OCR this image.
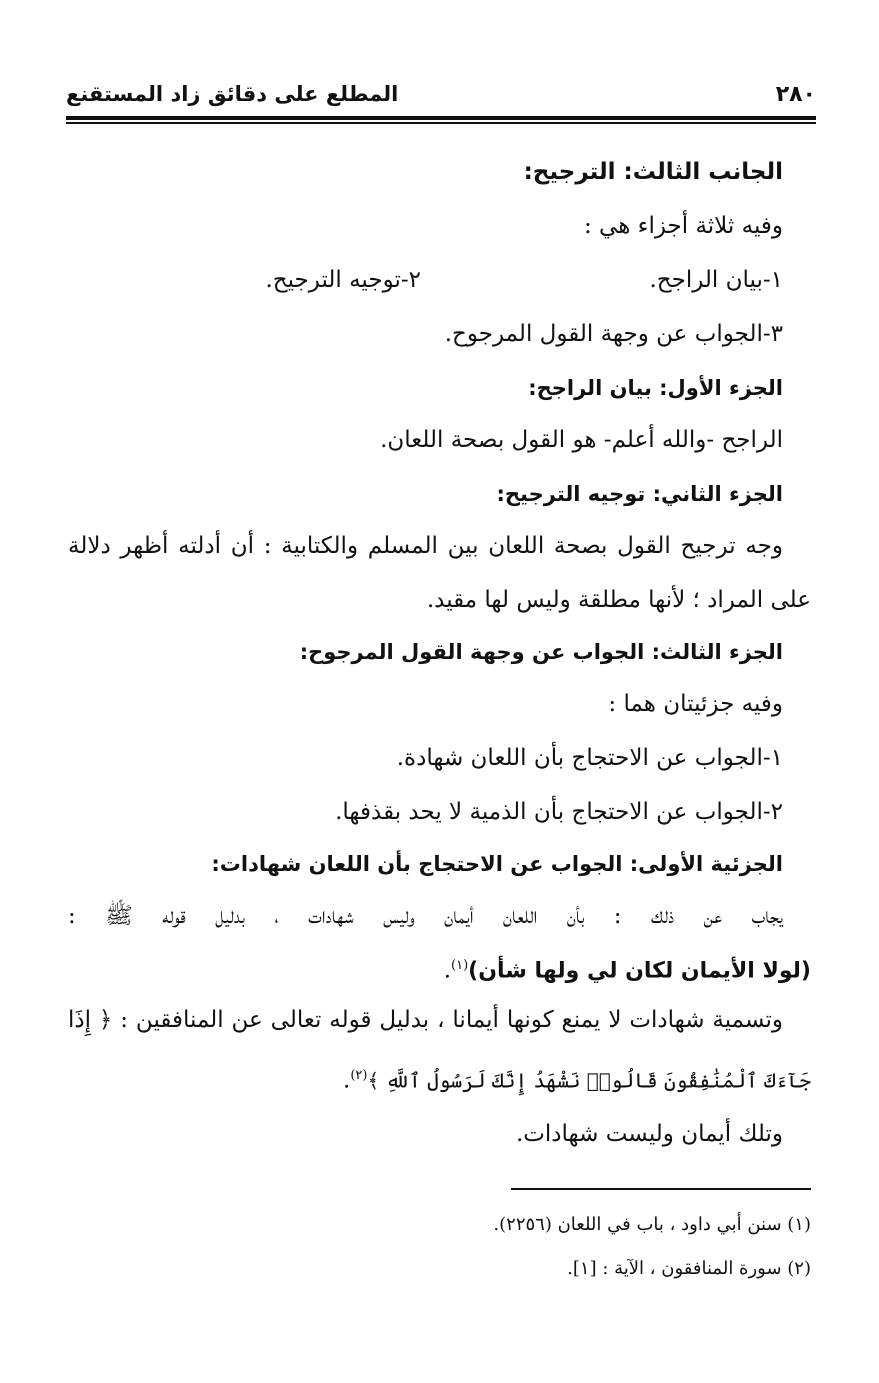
٢٨٠
المطلع على دقائق زاد المستقنع
الجانب الثالث: الترجيح:
وفيه ثلاثة أجزاء هي :
١-بيان الراجح.
٢-توجيه الترجيح.
٣-الجواب عن وجهة القول المرجوح.
الجزء الأول: بيان الراجح:
الراجح -والله أعلم- هو القول بصحة اللعان.
الجزء الثاني: توجيه الترجيح:
وجه ترجيح القول بصحة اللعان بين المسلم والكتابية : أن أدلته أظهر دلالة
على المراد ؛ لأنها مطلقة وليس لها مقيد.
الجزء الثالث: الجواب عن وجهة القول المرجوح:
وفيه جزئيتان هما :
١-الجواب عن الاحتجاج بأن اللعان شهادة.
٢-الجواب عن الاحتجاج بأن الذمية لا يحد بقذفها.
الجزئية الأولى: الجواب عن الاحتجاج بأن اللعان شهادات:
يجاب عن ذلك : بأن اللعان أيمان وليس شهادات ، بدليل قوله ﷺ :
(لولا الأيمان لكان لي ولها شأن)$^{(١)}$.
وتسمية شهادات لا يمنع كونها أيمانا ، بدليل قوله تعالى عن المنافقين : ﴿ إِذَا
جَآءَكَ ٱلْمُنَٰفِقُونَ قَالُوا۟ نَشْهَدُ إِنَّكَ لَرَسُولُ ٱللَّهِ ﴾$^{(٢)}$.
وتلك أيمان وليست شهادات.
(١) سنن أبي داود ، باب في اللعان (٢٢٥٦).
(٢) سورة المنافقون ، الآية : [١].
